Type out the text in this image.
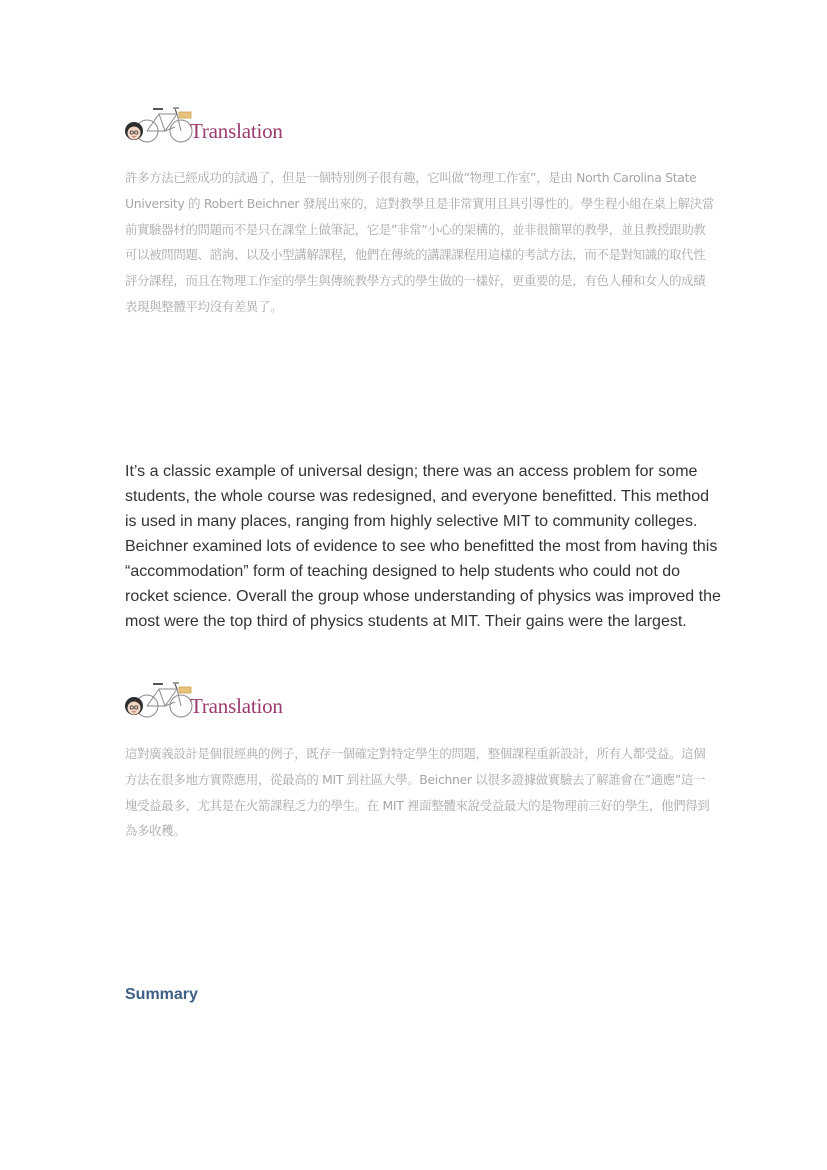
Translation

許多方法已經成功的試過了，但是一個特別例子很有趣，它叫做”物理工作室”，是由 North Carolina State University 的 Robert Beichner 發展出來的，這對教學且是非常實用且具引導性的。學生程小組在桌上解決當前實驗器材的問題而不是只在課堂上做筆記，它是”非常”小心的架構的，並非很簡單的教學，並且教授跟助教可以被問問題、諮詢、以及小型講解課程，他們在傳統的講課課程用這樣的考試方法，而不是對知識的取代性評分課程，而且在物理工作室的學生與傳統教學方式的學生做的一樣好，更重要的是，有色人種和女人的成績表現與整體平均沒有差異了。

It’s a classic example of universal design; there was an access problem for some students, the whole course was redesigned, and everyone benefitted. This method is used in many places, ranging from highly selective MIT to community colleges. Beichner examined lots of evidence to see who benefitted the most from having this “accommodation” form of teaching designed to help students who could not do rocket science. Overall the group whose understanding of physics was improved the most were the top third of physics students at MIT. Their gains were the largest.

Translation

這對廣義設計是個很經典的例子，既存一個確定對特定學生的問題，整個課程重新設計，所有人都受益。這個方法在很多地方實際應用，從最高的 MIT 到社區大學。Beichner 以很多證據做實驗去了解誰會在”適應”這一塊受益最多，尤其是在火箭課程乏力的學生。在 MIT 裡面整體來說受益最大的是物理前三好的學生，他們得到為多收穫。

Summary
